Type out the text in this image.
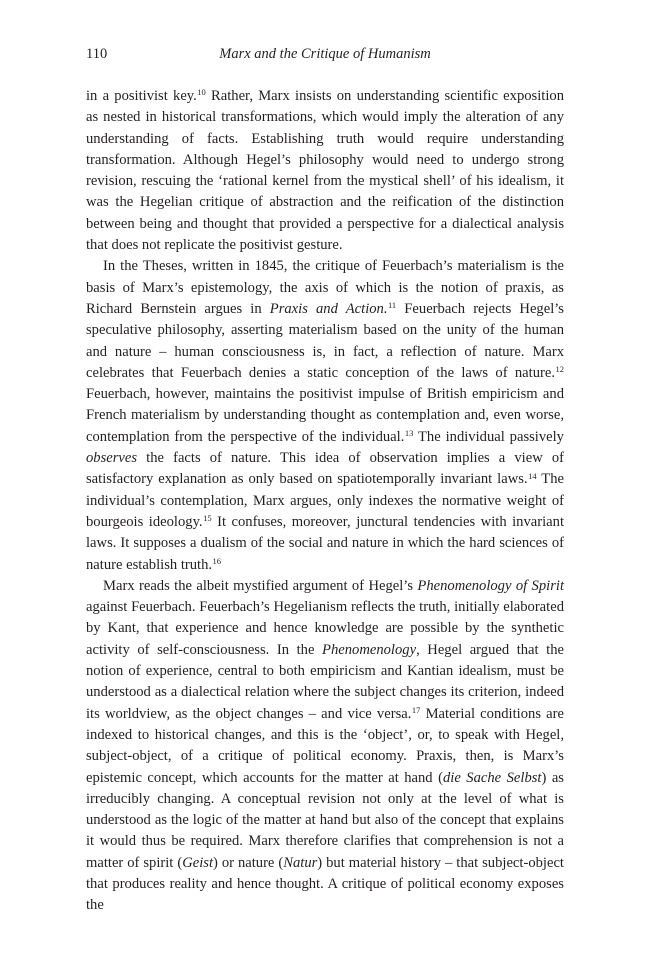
110	Marx and the Critique of Humanism

in a positivist key.$^{10}$ Rather, Marx insists on understanding scientific exposition as nested in historical transformations, which would imply the alteration of any understanding of facts. Establishing truth would require understanding transformation. Although Hegel’s philosophy would need to undergo strong revision, rescuing the ‘rational kernel from the mystical shell’ of his idealism, it was the Hegelian critique of abstraction and the reification of the distinction between being and thought that provided a perspective for a dialectical analysis that does not replicate the positivist gesture.

In the Theses, written in 1845, the critique of Feuerbach’s materialism is the basis of Marx’s epistemology, the axis of which is the notion of praxis, as Richard Bernstein argues in Praxis and Action.$^{11}$ Feuerbach rejects Hegel’s speculative philosophy, asserting materialism based on the unity of the human and nature – human consciousness is, in fact, a reflection of nature. Marx celebrates that Feuerbach denies a static conception of the laws of nature.$^{12}$ Feuerbach, however, maintains the positivist impulse of British empiricism and French materialism by understanding thought as contemplation and, even worse, contemplation from the perspective of the individual.$^{13}$ The individual passively observes the facts of nature. This idea of observation implies a view of satisfactory explanation as only based on spatiotemporally invariant laws.$^{14}$ The individual’s contemplation, Marx argues, only indexes the normative weight of bourgeois ideology.$^{15}$ It confuses, moreover, junctural tendencies with invariant laws. It supposes a dualism of the social and nature in which the hard sciences of nature establish truth.$^{16}$

Marx reads the albeit mystified argument of Hegel’s Phenomenology of Spirit against Feuerbach. Feuerbach’s Hegelianism reflects the truth, initially elaborated by Kant, that experience and hence knowledge are possible by the synthetic activity of self-consciousness. In the Phenomenology, Hegel argued that the notion of experience, central to both empiricism and Kantian idealism, must be understood as a dialectical relation where the subject changes its criterion, indeed its worldview, as the object changes – and vice versa.$^{17}$ Material conditions are indexed to historical changes, and this is the ‘object’, or, to speak with Hegel, subject-object, of a critique of political economy. Praxis, then, is Marx’s epistemic concept, which accounts for the matter at hand (die Sache Selbst) as irreducibly changing. A conceptual revision not only at the level of what is understood as the logic of the matter at hand but also of the concept that explains it would thus be required. Marx therefore clarifies that comprehension is not a matter of spirit (Geist) or nature (Natur) but material history – that subject-object that produces reality and hence thought. A critique of political economy exposes the
